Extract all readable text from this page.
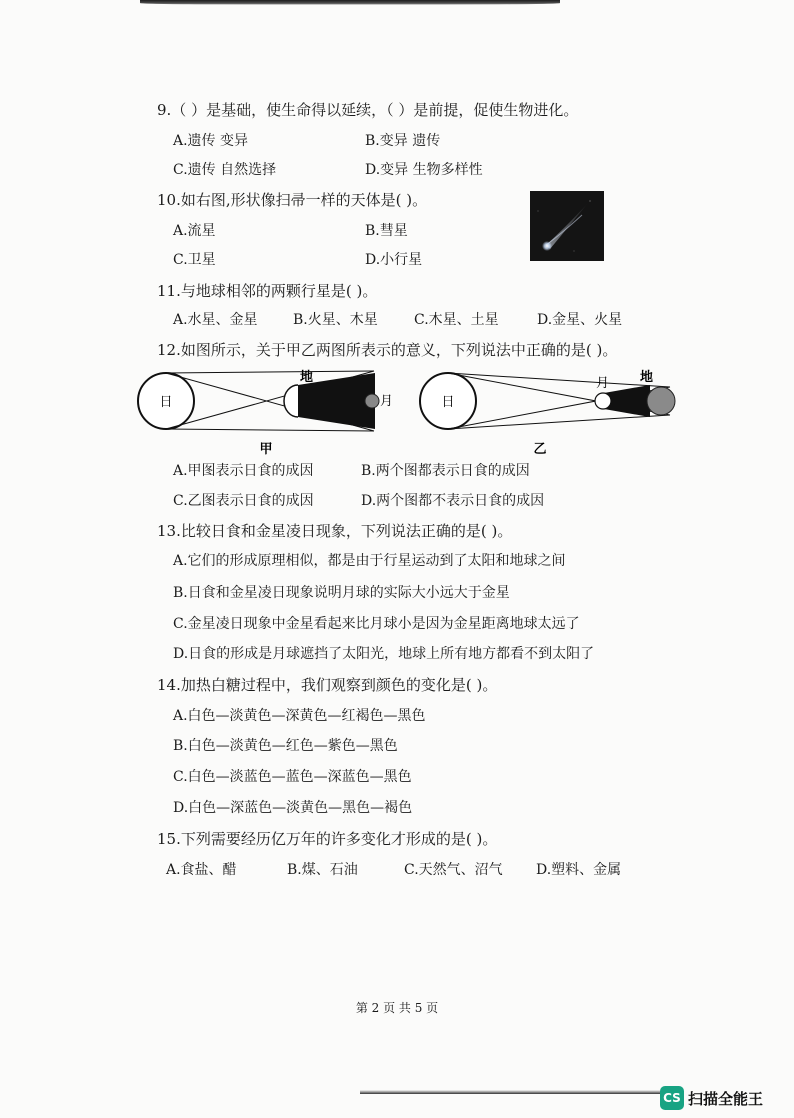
9.（ ）是基础，使生命得以延续，（ ）是前提，促使生物进化。
A.遗传 变异	B.变异 遗传
C.遗传 自然选择	D.变异 生物多样性
10.如右图,形状像扫帚一样的天体是( )。
A.流星	B.彗星
C.卫星	D.小行星
11.与地球相邻的两颗行星是( )。
A.水星、金星	B.火星、木星	C.木星、土星	D.金星、火星
12.如图所示，关于甲乙两图所表示的意义，下列说法中正确的是( )。
日
地
月
甲
日
月 地
乙
A.甲图表示日食的成因	B.两个图都表示日食的成因
C.乙图表示日食的成因	D.两个图都不表示日食的成因
13.比较日食和金星凌日现象，下列说法正确的是( )。
A.它们的形成原理相似，都是由于行星运动到了太阳和地球之间
B.日食和金星凌日现象说明月球的实际大小远大于金星
C.金星凌日现象中金星看起来比月球小是因为金星距离地球太远了
D.日食的形成是月球遮挡了太阳光，地球上所有地方都看不到太阳了
14.加热白糖过程中，我们观察到颜色的变化是( )。
A.白色—淡黄色—深黄色—红褐色—黑色
B.白色—淡黄色—红色—紫色—黑色
C.白色—淡蓝色—蓝色—深蓝色—黑色
D.白色—深蓝色—淡黄色—黑色—褐色
15.下列需要经历亿万年的许多变化才形成的是( )。
A.食盐、醋	B.煤、石油	C.天然气、沼气 D.塑料、金属
第 2 页 共 5 页
CS 扫描全能王
